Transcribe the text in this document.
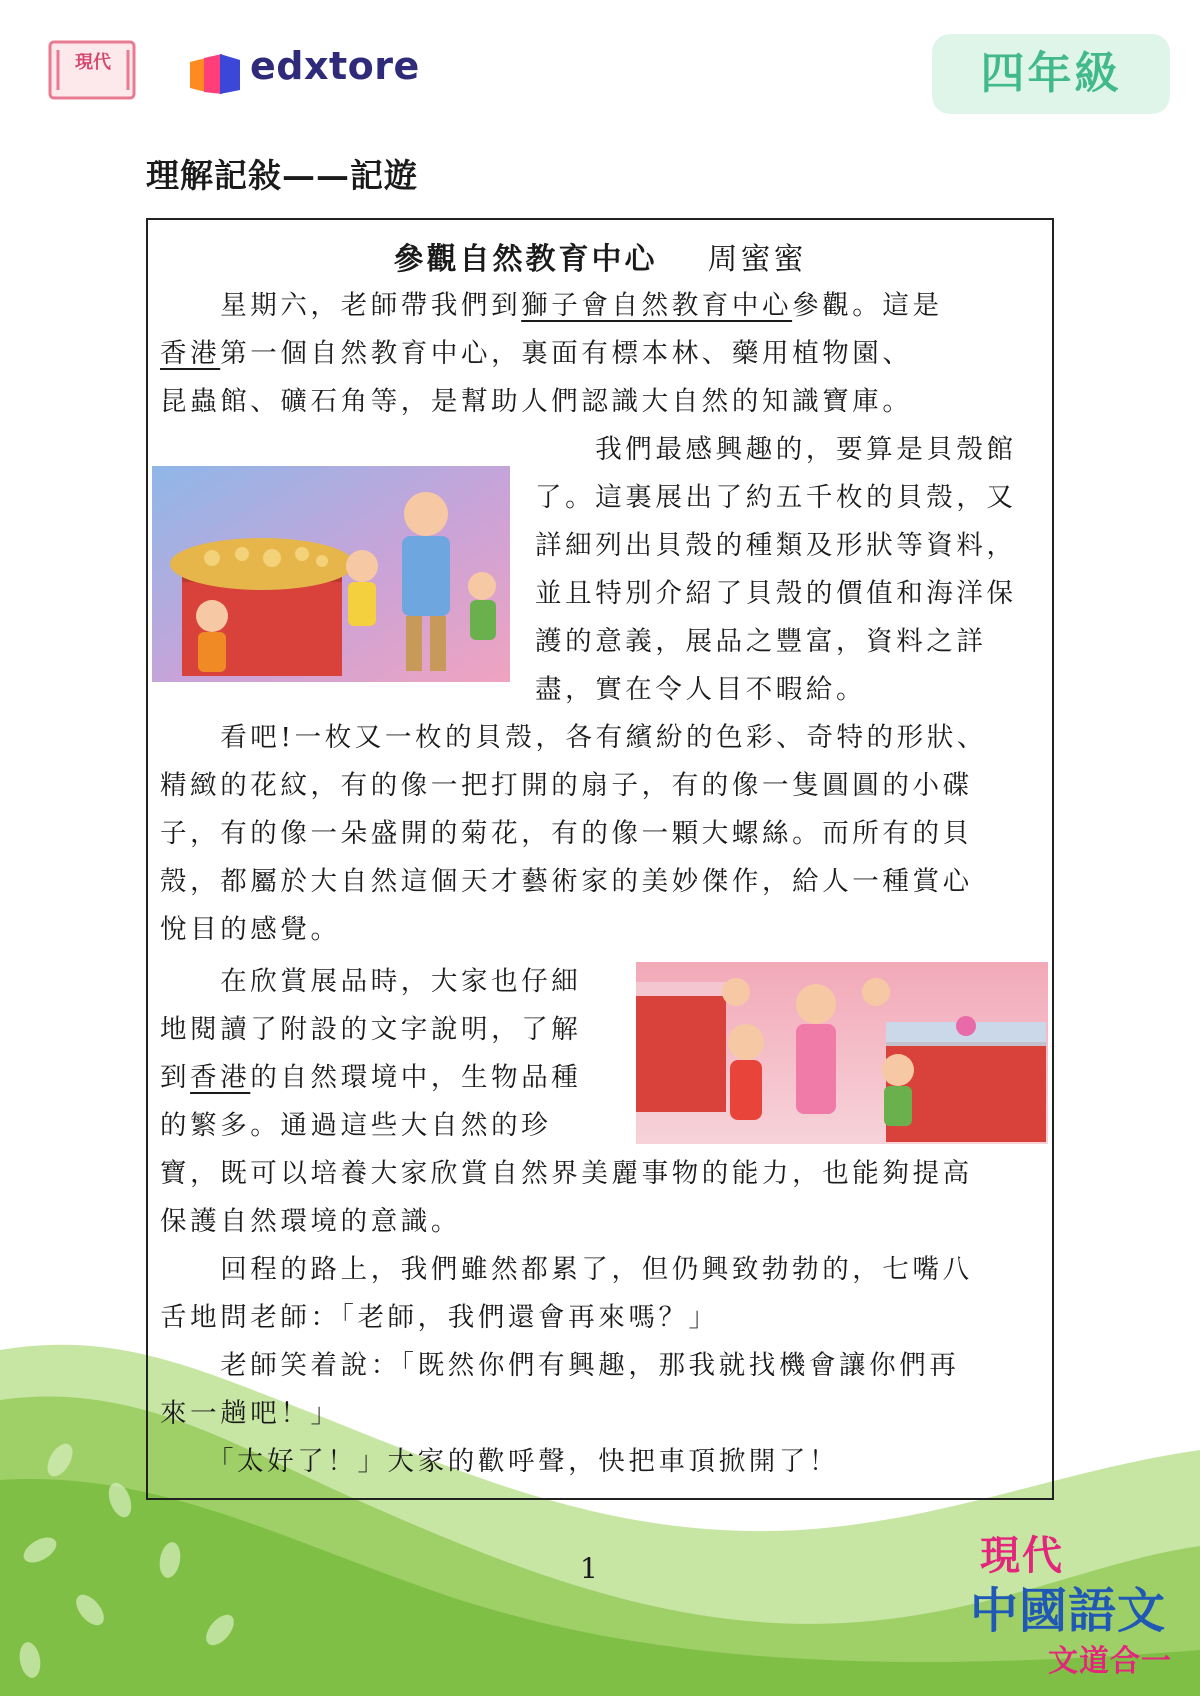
現代	edxtore	四年級
理解記敍——記遊
參觀自然教育中心 周蜜蜜
　　星期六，老師帶我們到獅子會自然教育中心參觀。這是
香港第一個自然教育中心，裏面有標本林、藥用植物園、
昆蟲館、礦石角等，是幫助人們認識大自然的知識寶庫。
　　我們最感興趣的，要算是貝殼館
了。這裏展出了約五千枚的貝殼，又
詳細列出貝殼的種類及形狀等資料，
並且特別介紹了貝殼的價值和海洋保
護的意義，展品之豐富，資料之詳
盡，實在令人目不暇給。
　　看吧!一枚又一枚的貝殼，各有繽紛的色彩、奇特的形狀、
精緻的花紋，有的像一把打開的扇子，有的像一隻圓圓的小碟
子，有的像一朵盛開的菊花，有的像一顆大螺絲。而所有的貝
殼，都屬於大自然這個天才藝術家的美妙傑作，給人一種賞心
悅目的感覺。
　　在欣賞展品時，大家也仔細
地閱讀了附設的文字說明，了解
到香港的自然環境中，生物品種
的繁多。通過這些大自然的珍
寶，既可以培養大家欣賞自然界美麗事物的能力，也能夠提高
保護自然環境的意識。
　　回程的路上，我們雖然都累了，但仍興致勃勃的，七嘴八
舌地問老師：「老師，我們還會再來嗎？」
　　老師笑着說：「既然你們有興趣，那我就找機會讓你們再
來一趟吧！」
　　「太好了！」大家的歡呼聲，快把車頂掀開了！
1	現代
中國語文
文道合一
